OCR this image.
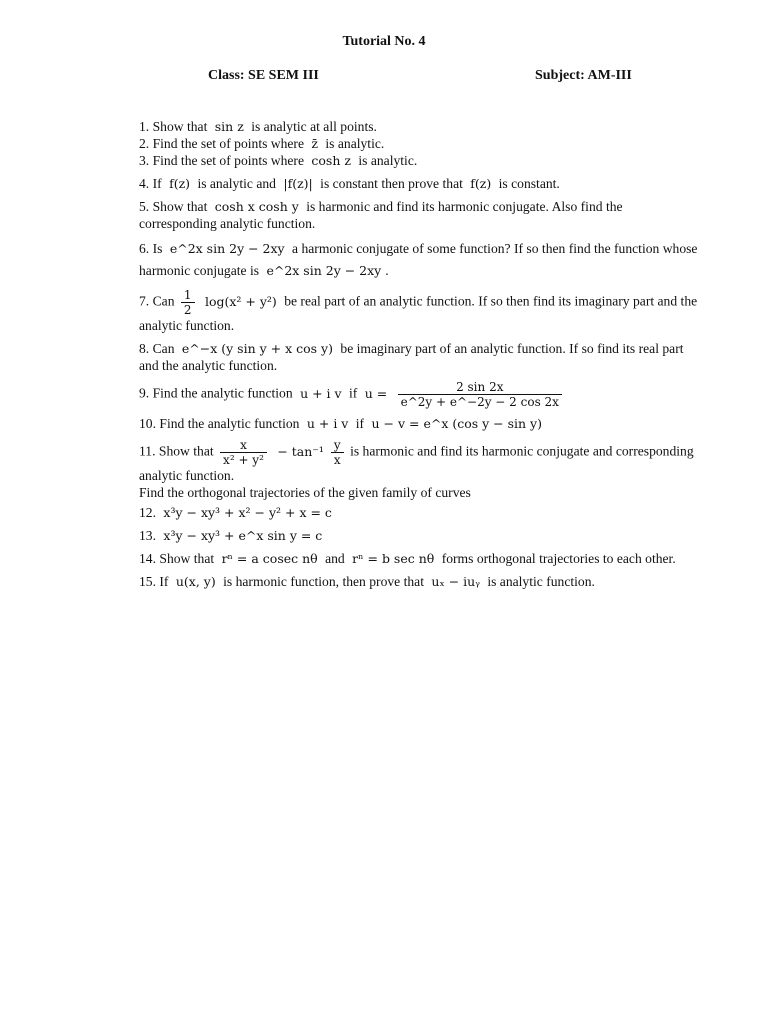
Tutorial No. 4
Class: SE SEM III	Subject: AM-III
1. Show that sin z is analytic at all points.
2. Find the set of points where z̄ is analytic.
3. Find the set of points where cosh z is analytic.
4. If f(z) is analytic and |f(z)| is constant then prove that f(z) is constant.
5. Show that cosh x cosh y is harmonic and find its harmonic conjugate. Also find the corresponding analytic function.
6. Is e^2x sin 2y − 2xy a harmonic conjugate of some function? If so then find the function whose harmonic conjugate is e^2x sin 2y − 2xy .
7. Can $\frac{1}{2} \log(x^2 + y^2)$ be real part of an analytic function. If so then find its imaginary part and the analytic function.
8. Can e^−x (y sin y + x cos y) be imaginary part of an analytic function. If so find its real part and the analytic function.
9. Find the analytic function u + i v if $u = \frac{2 \sin 2x}{e\^{}2y + e\^{}-2y - 2 \cos 2x}$
10. Find the analytic function u + i v if u − v = e^x (cos y − sin y)
11. Show that $\frac{x}{\text{x² + y²}} - \tan^{-1} \frac{y}{x}$ is harmonic and find its harmonic conjugate and corresponding analytic function.
Find the orthogonal trajectories of the given family of curves
12. x³y − xy³ + x² − y² + x = c
13. x³y − xy³ + e^x sin y = c
14. Show that rⁿ = a cosec nθ and rⁿ = b sec nθ forms orthogonal trajectories to each other.
15. If u(x, y) is harmonic function, then prove that uₓ − iuᵧ is analytic function.
